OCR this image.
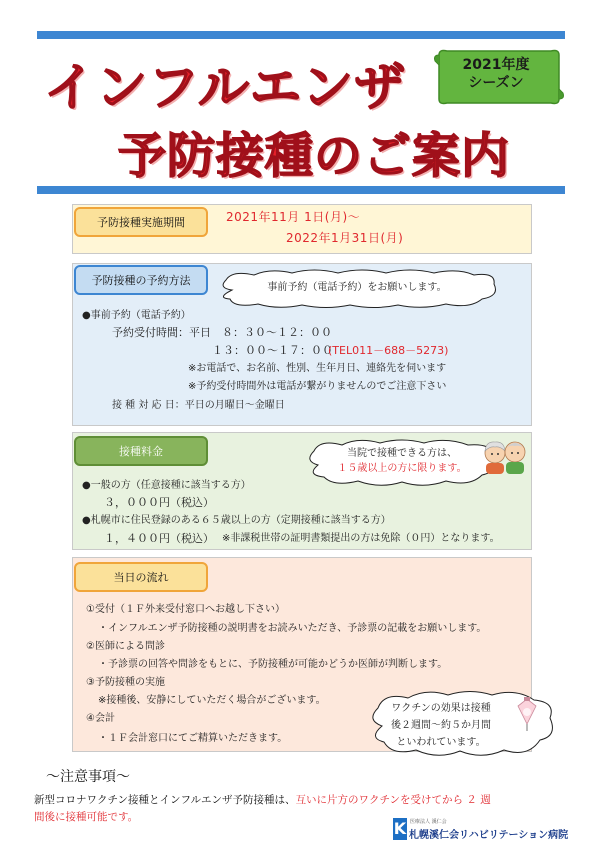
インフルエンザ
予防接種のご案内
2021年度
シーズン
予防接種実施期間	2021年11月 1日(月)～
2022年1月31日(月)
予防接種の予約方法
事前予約（電話予約）をお願いします。
●事前予約（電話予約）
予約受付時間：平日　８：３０～１２：００
１３：００～１７：００
(TEL011－688－5273)
※お電話で、お名前、性別、生年月日、連絡先を伺います
※予約受付時間外は電話が繋がりませんのでご注意下さい
接 種 対 応 日：平日の月曜日～金曜日
接種料金	当院で接種できる方は、
１５歳以上の方に限ります。
●一般の方（任意接種に該当する方）
３，０００円（税込）
●札幌市に住民登録のある６５歳以上の方（定期接種に該当する方）
１，４００円（税込） ※非課税世帯の証明書類提出の方は免除（０円）となります。
当日の流れ
①受付（１Ｆ外来受付窓口へお越し下さい）
・インフルエンザ予防接種の説明書をお読みいただき、予診票の記載をお願いします。
②医師による問診
・予診票の回答や問診をもとに、予防接種が可能かどうか医師が判断します。
③予防接種の実施
※接種後、安静にしていただく場合がございます。
④会計
・１Ｆ会計窓口にてご精算いただきます。
ワクチンの効果は接種
後２週間～約５か月間
といわれています。
～注意事項～
新型コロナワクチン接種とインフルエンザ予防接種は、互いに片方のワクチンを受けてから ２ 週
間後に接種可能です。
K 医療法人 溪仁会
札幌溪仁会リハビリテーション病院
